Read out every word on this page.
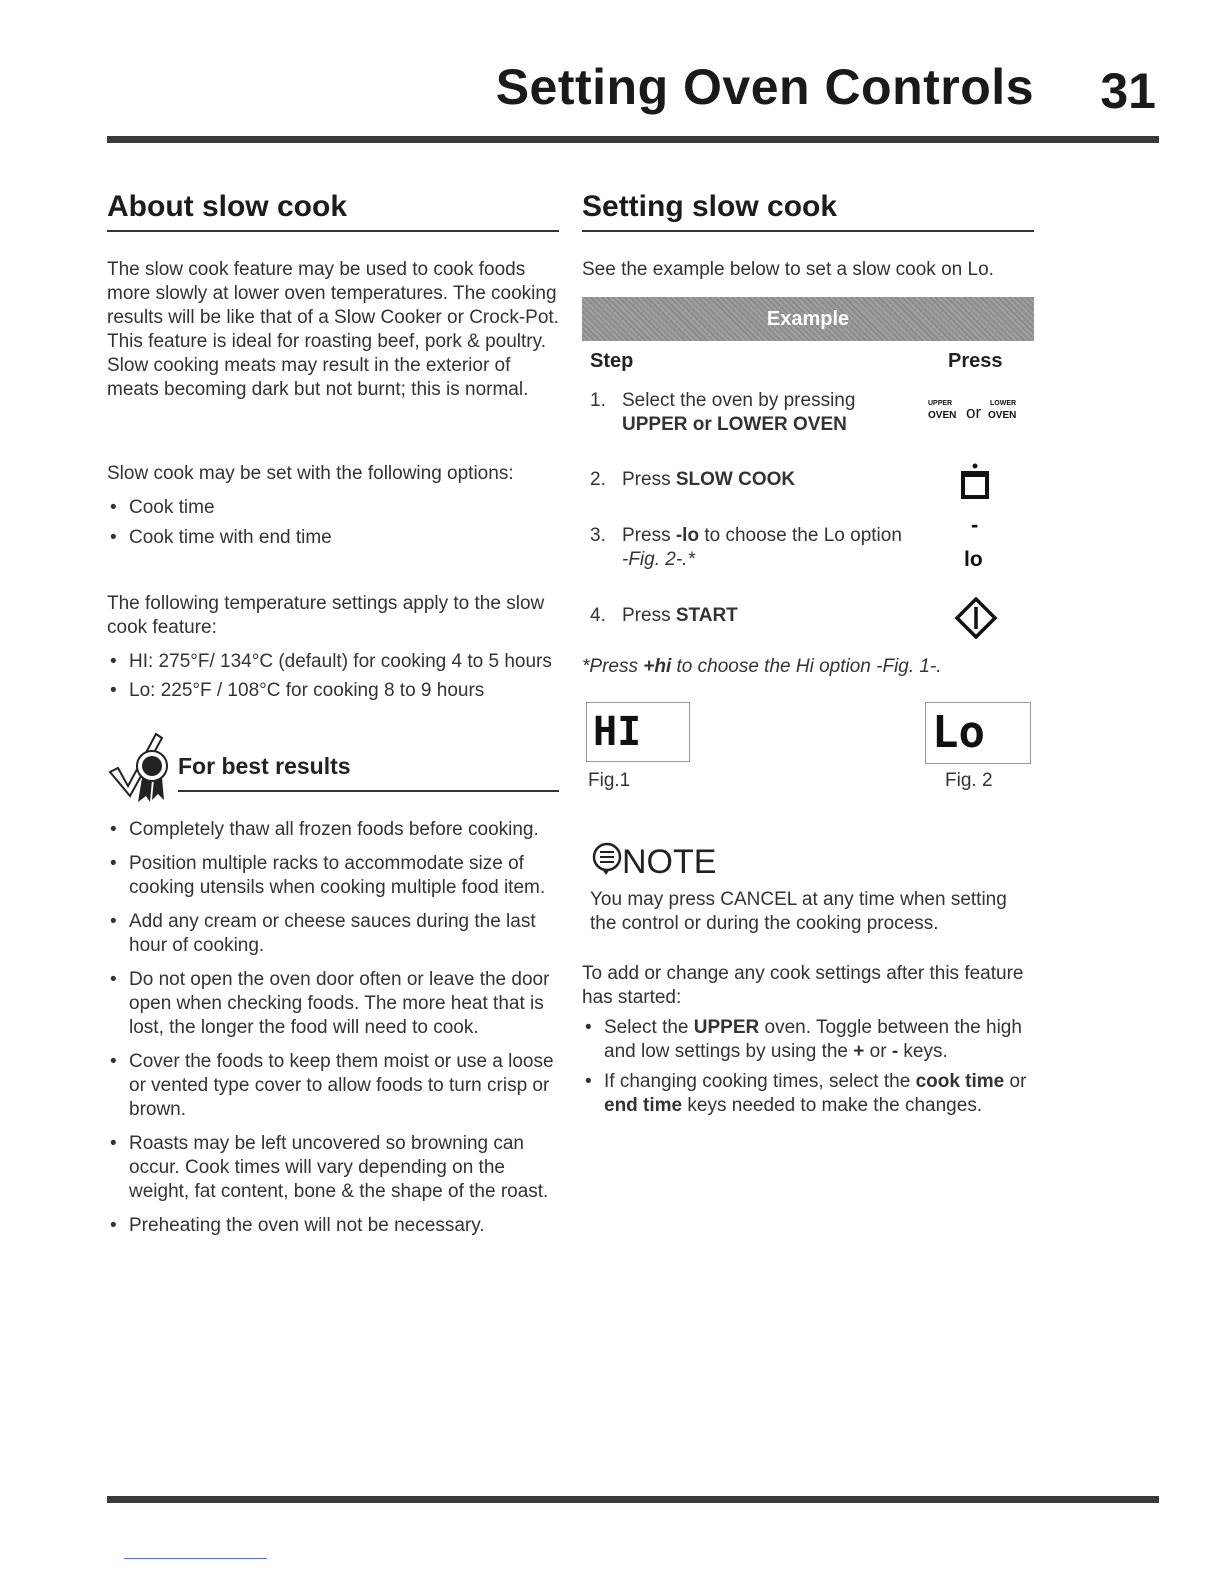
Setting Oven Controls 31
About slow cook

The slow cook feature may be used to cook foods more slowly at lower oven temperatures. The cooking results will be like that of a Slow Cooker or Crock-Pot. This feature is ideal for roasting beef, pork & poultry. Slow cooking meats may result in the exterior of meats becoming dark but not burnt; this is normal.

Slow cook may be set with the following options:

• Cook time
• Cook time with end time

The following temperature settings apply to the slow cook feature:

• HI: 275°F/ 134°C (default) for cooking 4 to 5 hours
• Lo: 225°F / 108°C for cooking 8 to 9 hours
For best results
• Completely thaw all frozen foods before cooking.
• Position multiple racks to accommodate size of cooking utensils when cooking multiple food item.
• Add any cream or cheese sauces during the last hour of cooking.
• Do not open the oven door often or leave the door open when checking foods. The more heat that is lost, the longer the food will need to cook.
• Cover the foods to keep them moist or use a loose or vented type cover to allow foods to turn crisp or brown.
• Roasts may be left uncovered so browning can occur. Cook times will vary depending on the weight, fat content, bone & the shape of the roast.
• Preheating the oven will not be necessary.
Setting slow cook

See the example below to set a slow cook on Lo.

Example
Step	Press
1. Select the oven by pressing
UPPER or LOWER OVEN
2. Press SLOW COOK
3. Press -lo to choose the Lo option -Fig. 2-.*
4. Press START
UPPER
OVEN or LOWER
OVEN
-
lo
*Press +hi to choose the Hi option -Fig. 1-.
HI
Fig.1
Lo
Fig. 2
NOTE

You may press CANCEL at any time when setting the control or during the cooking process.

To add or change any cook settings after this feature has started:

• Select the UPPER oven. Toggle between the high and low settings by using the + or - keys.
• If changing cooking times, select the cook time or end time keys needed to make the changes.
